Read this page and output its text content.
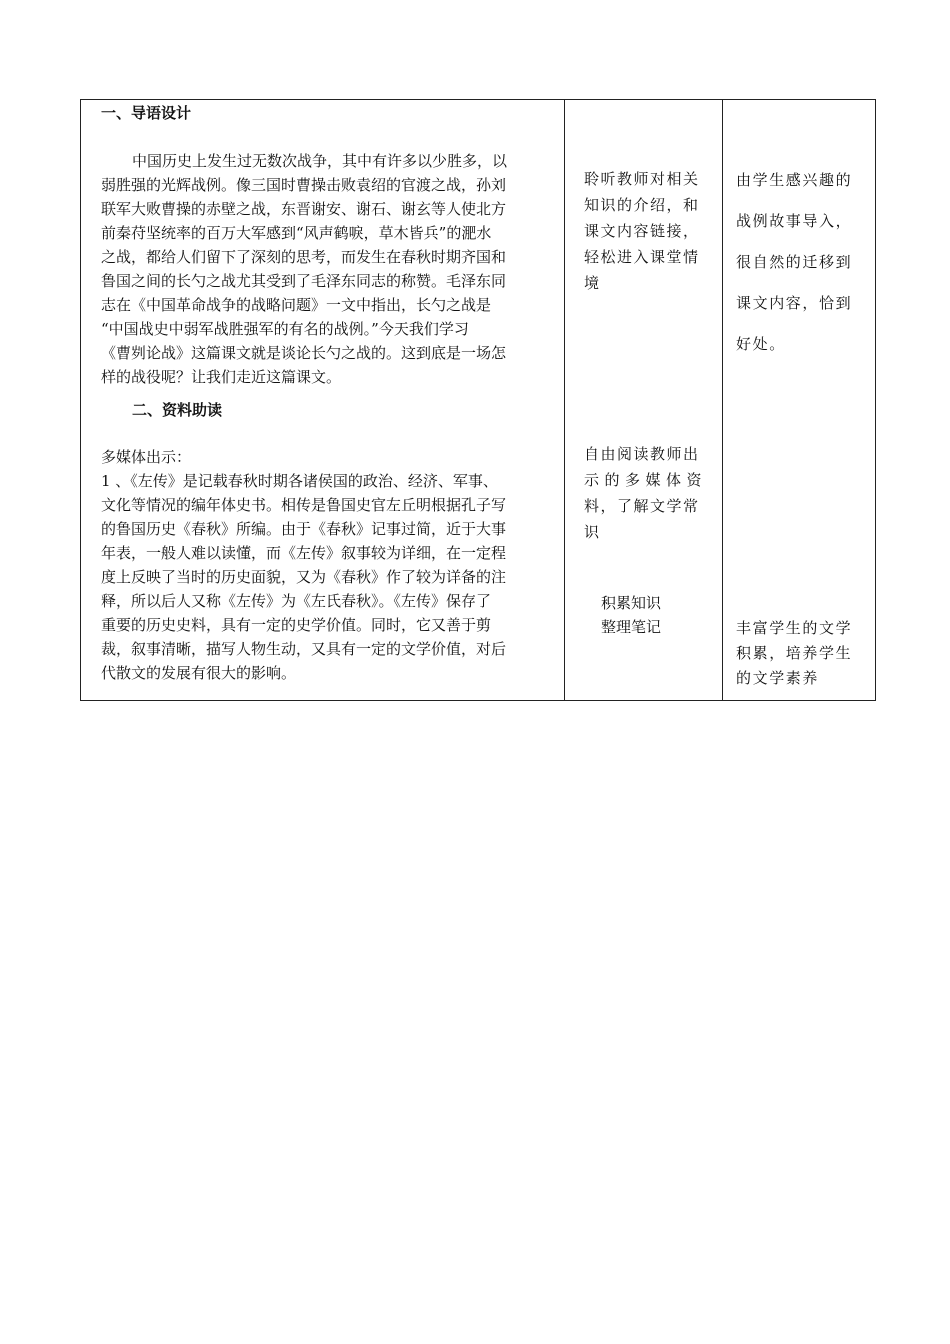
一、导语设计
中国历史上发生过无数次战争，其中有许多以少胜多，以
弱胜强的光辉战例。像三国时曹操击败袁绍的官渡之战，孙刘
联军大败曹操的赤壁之战，东晋谢安、谢石、谢玄等人使北方
前秦苻坚统率的百万大军感到“风声鹤唳，草木皆兵”的淝水
之战，都给人们留下了深刻的思考，而发生在春秋时期齐国和
鲁国之间的长勺之战尤其受到了毛泽东同志的称赞。毛泽东同
志在《中国革命战争的战略问题》一文中指出，长勺之战是
“中国战史中弱军战胜强军的有名的战例。”今天我们学习
《曹刿论战》这篇课文就是谈论长勺之战的。这到底是一场怎
样的战役呢？让我们走近这篇课文。
二、资料助读
多媒体出示：
1 、《左传》是记载春秋时期各诸侯国的政治、经济、军事、
文化等情况的编年体史书。相传是鲁国史官左丘明根据孔子写
的鲁国历史《春秋》所编。由于《春秋》记事过简，近于大事
年表，一般人难以读懂，而《左传》叙事较为详细，在一定程
度上反映了当时的历史面貌，又为《春秋》作了较为详备的注
释，所以后人又称《左传》为《左氏春秋》。《左传》保存了
重要的历史史料，具有一定的史学价值。同时，它又善于剪
裁，叙事清晰，描写人物生动，又具有一定的文学价值，对后
代散文的发展有很大的影响。
聆听教师对相关
知识的介绍，和
课文内容链接，
轻松进入课堂情
境
自由阅读教师出
示的多媒体资
料，了解文学常
识
积累知识
整理笔记
由学生感兴趣的
战例故事导入，
很自然的迁移到
课文内容，恰到
好处。
丰富学生的文学
积累，培养学生
的文学素养
